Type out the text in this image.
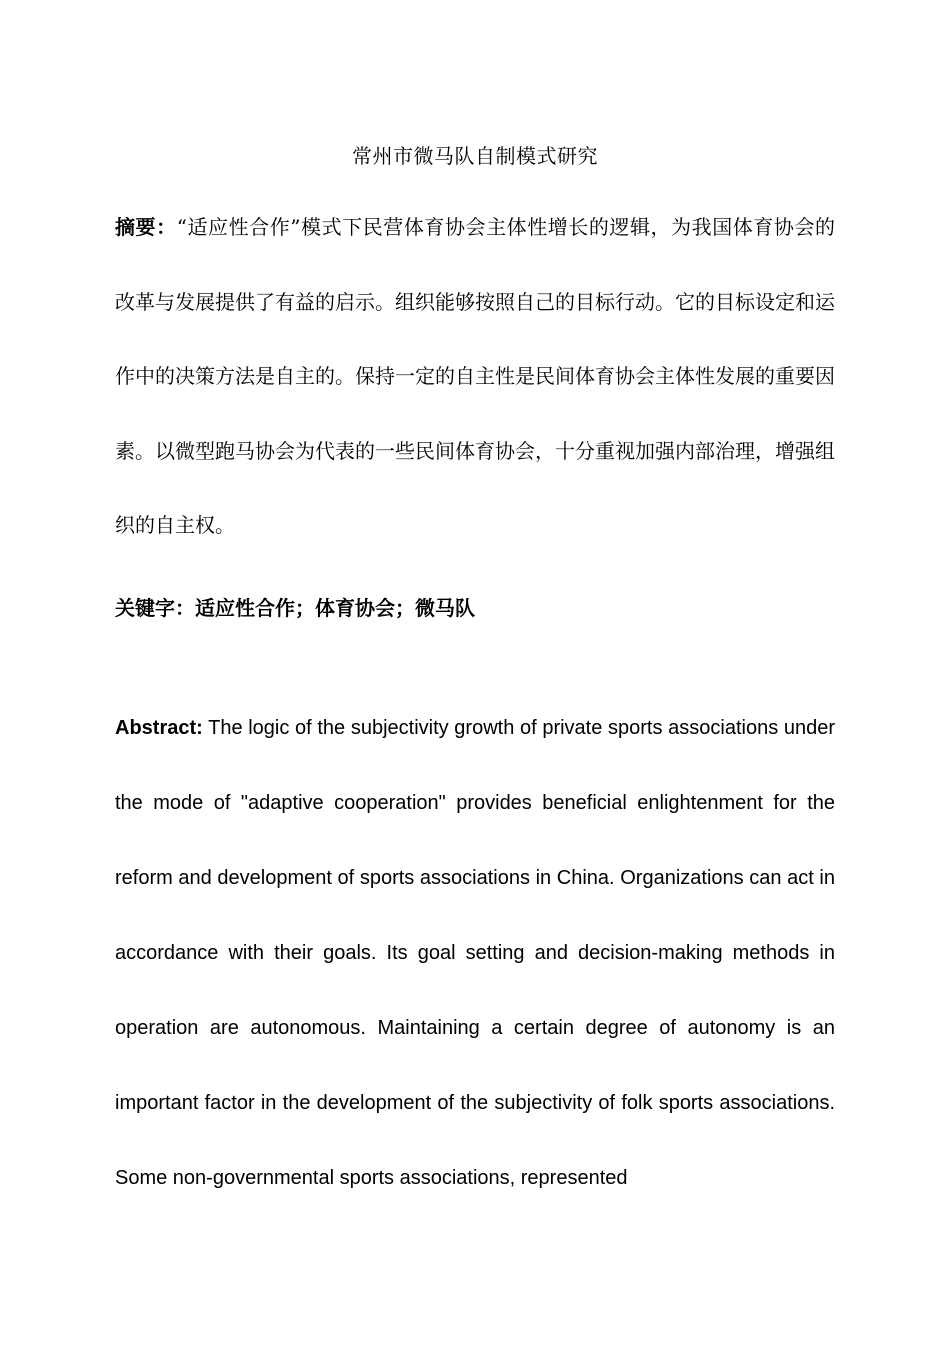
常州市微马队自制模式研究

摘要：“适应性合作”模式下民营体育协会主体性增长的逻辑，为我国体育协会的改革与发展提供了有益的启示。组织能够按照自己的目标行动。它的目标设定和运作中的决策方法是自主的。保持一定的自主性是民间体育协会主体性发展的重要因素。以微型跑马协会为代表的一些民间体育协会，十分重视加强内部治理，增强组织的自主权。

关键字：适应性合作；体育协会；微马队

Abstract: The logic of the subjectivity growth of private sports associations under the mode of "adaptive cooperation" provides beneficial enlightenment for the reform and development of sports associations in China. Organizations can act in accordance with their goals. Its goal setting and decision-making methods in operation are autonomous. Maintaining a certain degree of autonomy is an important factor in the development of the subjectivity of folk sports associations. Some non-governmental sports associations, represented
